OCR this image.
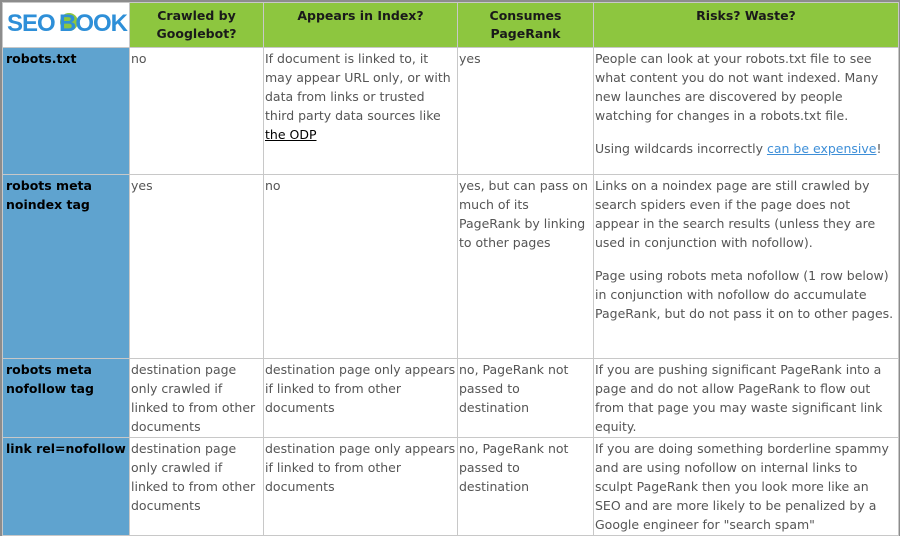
SEO BOOK	Crawled by Googlebot?	Appears in Index?	Consumes PageRank	Risks? Waste?
robots.txt	no	If document is linked to, it may appear URL only, or with data from links or trusted third party data sources like the ODP	yes	People can look at your robots.txt file to see what content you do not want indexed. Many new launches are discovered by people watching for changes in a robots.txt file.

Using wildcards incorrectly can be expensive!

robots meta noindex tag	yes	no	yes, but can pass on much of its PageRank by linking to other pages	Links on a noindex page are still crawled by search spiders even if the page does not appear in the search results (unless they are used in conjunction with nofollow).

Page using robots meta nofollow (1 row below) in conjunction with nofollow do accumulate PageRank, but do not pass it on to other pages.

robots meta nofollow tag	destination page only crawled if linked to from other documents	destination page only appears if linked to from other documents	no, PageRank not passed to destination	If you are pushing significant PageRank into a page and do not allow PageRank to flow out from that page you may waste significant link equity.
link rel=nofollow	destination page only crawled if linked to from other documents	destination page only appears if linked to from other documents	no, PageRank not passed to destination	If you are doing something borderline spammy and are using nofollow on internal links to sculpt PageRank then you look more like an SEO and are more likely to be penalized by a Google engineer for "search spam"
